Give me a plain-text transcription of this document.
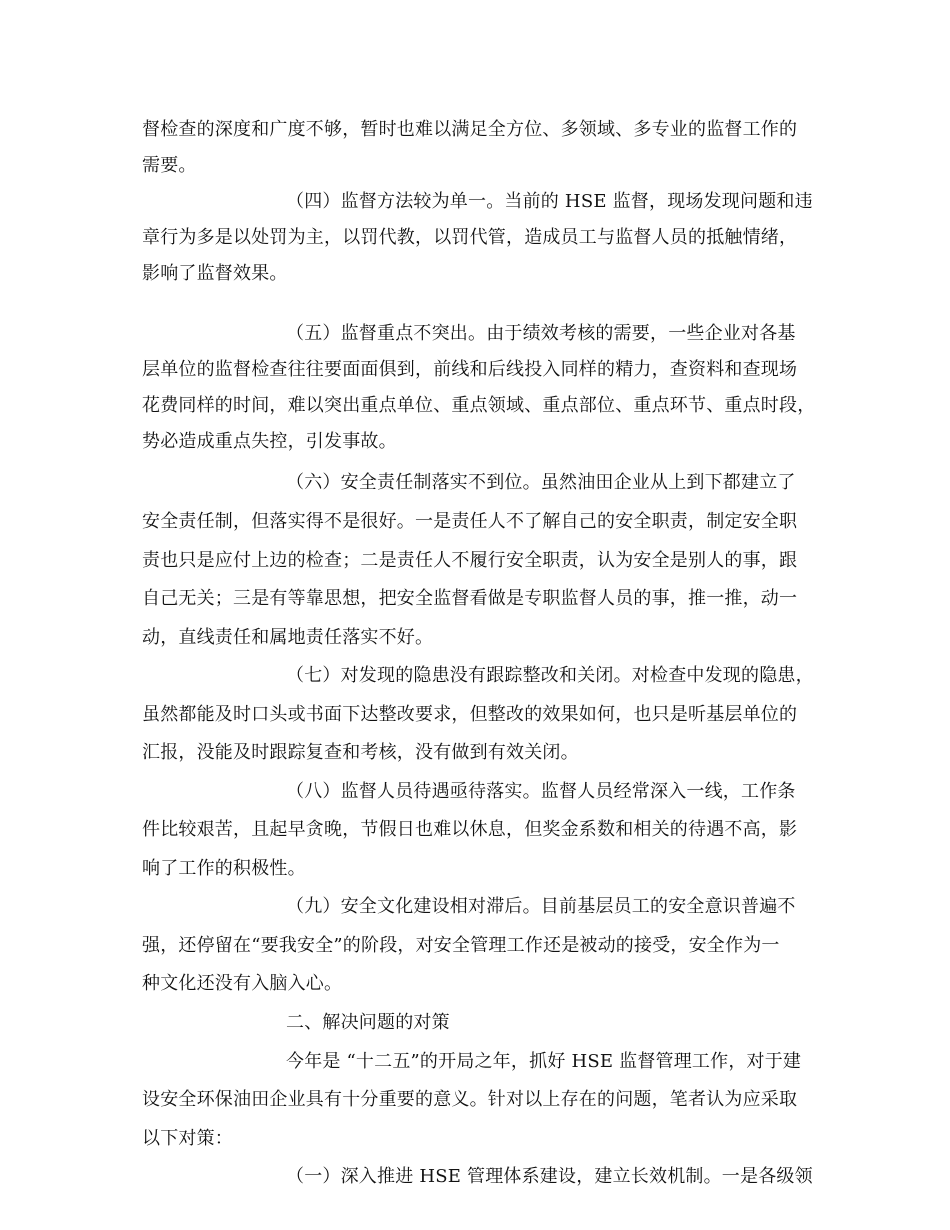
督检查的深度和广度不够，暂时也难以满足全方位、多领域、多专业的监督工作的
需要。
（四）监督方法较为单一。当前的 HSE 监督，现场发现问题和违
章行为多是以处罚为主，以罚代教，以罚代管，造成员工与监督人员的抵触情绪，
影响了监督效果。
（五）监督重点不突出。由于绩效考核的需要，一些企业对各基
层单位的监督检查往往要面面俱到，前线和后线投入同样的精力，查资料和查现场
花费同样的时间，难以突出重点单位、重点领域、重点部位、重点环节、重点时段，
势必造成重点失控，引发事故。
（六）安全责任制落实不到位。虽然油田企业从上到下都建立了
安全责任制，但落实得不是很好。一是责任人不了解自己的安全职责，制定安全职
责也只是应付上边的检查；二是责任人不履行安全职责，认为安全是别人的事，跟
自己无关；三是有等靠思想，把安全监督看做是专职监督人员的事，推一推，动一
动，直线责任和属地责任落实不好。
（七）对发现的隐患没有跟踪整改和关闭。对检查中发现的隐患，
虽然都能及时口头或书面下达整改要求，但整改的效果如何，也只是听基层单位的
汇报，没能及时跟踪复查和考核，没有做到有效关闭。
（八）监督人员待遇亟待落实。监督人员经常深入一线，工作条
件比较艰苦，且起早贪晚，节假日也难以休息，但奖金系数和相关的待遇不高，影
响了工作的积极性。
（九）安全文化建设相对滞后。目前基层员工的安全意识普遍不
强，还停留在“要我安全”的阶段，对安全管理工作还是被动的接受，安全作为一
种文化还没有入脑入心。
二、解决问题的对策
今年是 “十二五”的开局之年，抓好 HSE 监督管理工作，对于建
设安全环保油田企业具有十分重要的意义。针对以上存在的问题，笔者认为应采取
以下对策：
（一）深入推进 HSE 管理体系建设，建立长效机制。一是各级领
